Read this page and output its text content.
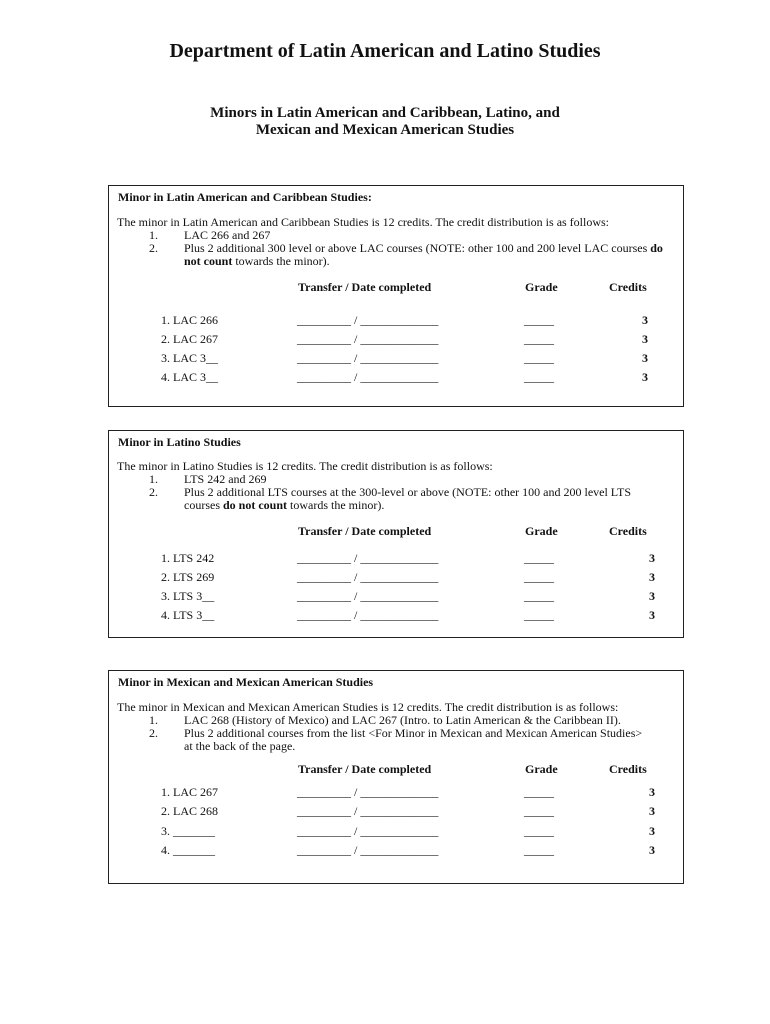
Department of Latin American and Latino Studies
Minors in Latin American and Caribbean, Latino, and
Mexican and Mexican American Studies
Minor in Latin American and Caribbean Studies:
The minor in Latin American and Caribbean Studies is 12 credits. The credit distribution is as follows:
1.	LAC 266 and 267
2.	Plus 2 additional 300 level or above LAC courses (NOTE: other 100 and 200 level LAC courses do not count towards the minor).
Transfer / Date completed	Grade	Credits
1. LAC 266	_________ / _____________	_____	3
2. LAC 267	_________ / _____________	_____	3
3. LAC 3__	_________ / _____________	_____	3
4. LAC 3__	_________ / _____________	_____	3
Minor in Latino Studies
The minor in Latino Studies is 12 credits. The credit distribution is as follows:
1.	LTS 242 and 269
2.	Plus 2 additional LTS courses at the 300-level or above (NOTE: other 100 and 200 level LTS courses do not count towards the minor).
Transfer / Date completed	Grade	Credits
1. LTS 242	_________ / _____________	_____	3
2. LTS 269	_________ / _____________	_____	3
3. LTS 3__	_________ / _____________	_____	3
4. LTS 3__	_________ / _____________	_____	3
Minor in Mexican and Mexican American Studies
The minor in Mexican and Mexican American Studies is 12 credits. The credit distribution is as follows:
1.	LAC 268 (History of Mexico) and LAC 267 (Intro. to Latin American & the Caribbean II).
2.	Plus 2 additional courses from the list <For Minor in Mexican and Mexican American Studies> at the back of the page.
Transfer / Date completed	Grade	Credits
1. LAC 267	_________ / _____________	_____	3
2. LAC 268	_________ / _____________	_____	3
3. _______	_________ / _____________	_____	3
4. _______	_________ / _____________	_____	3
